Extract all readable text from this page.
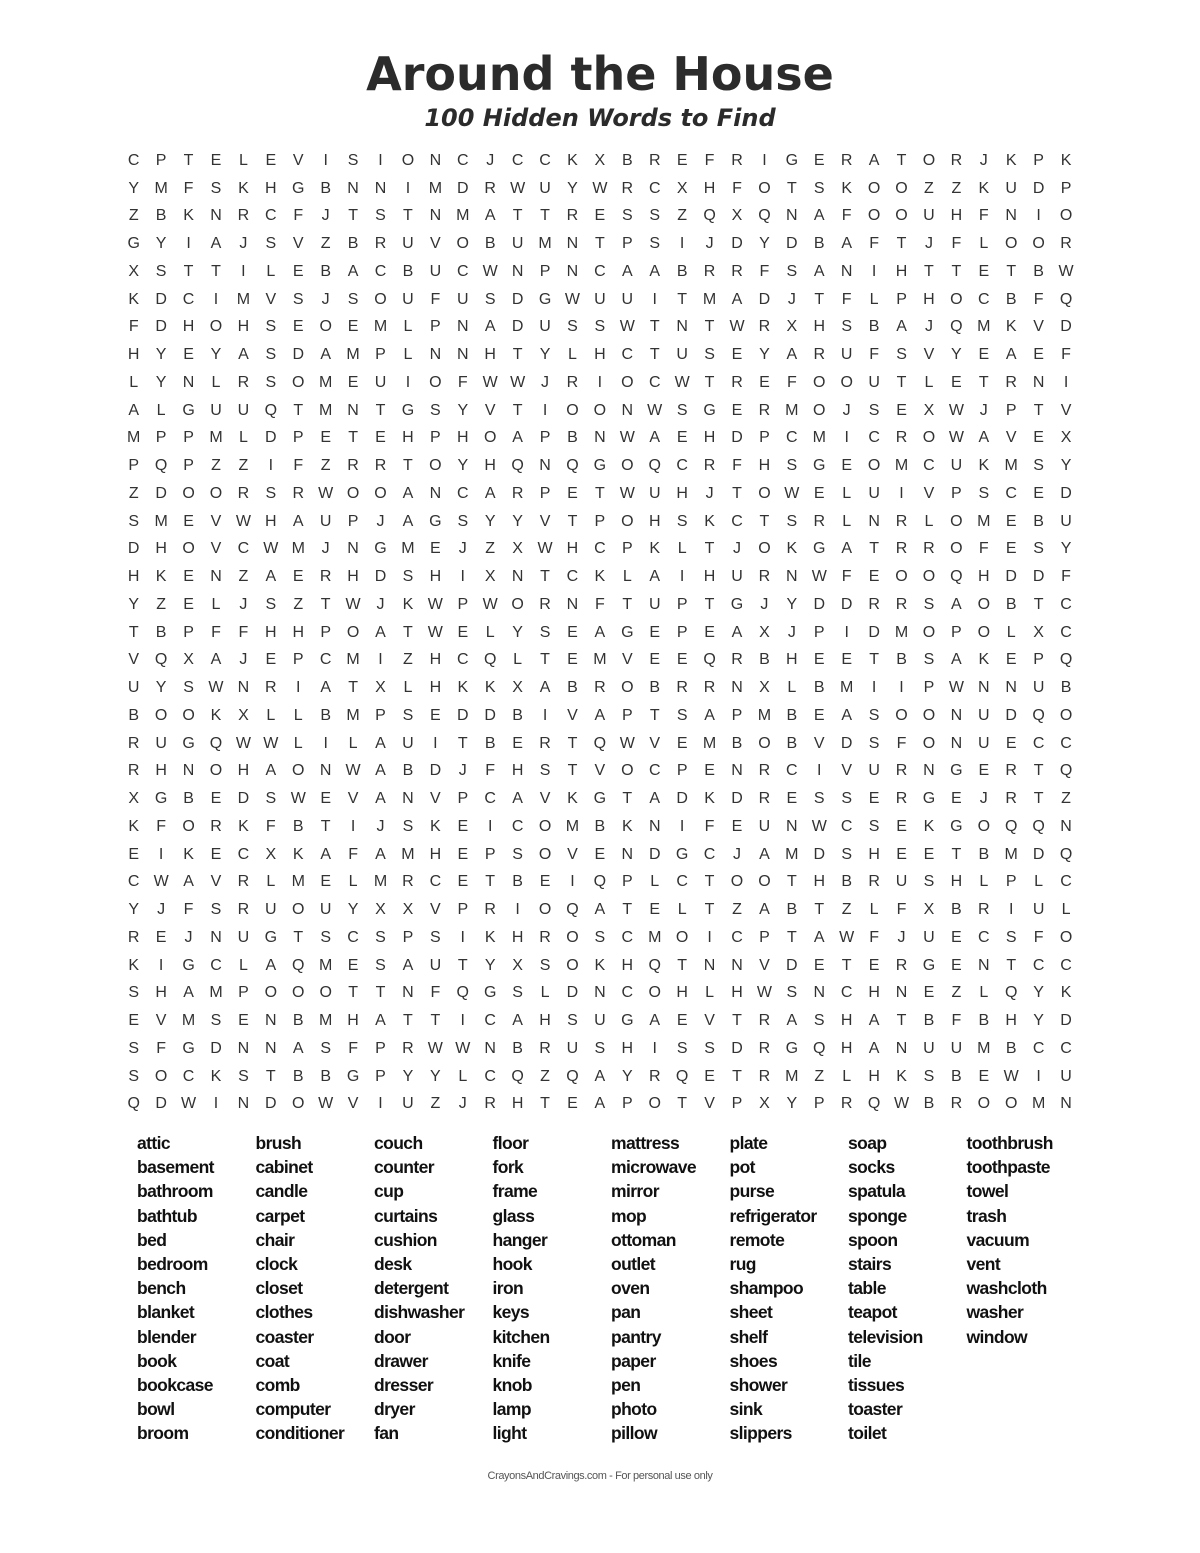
Around the House
100 Hidden Words to Find
C	P	T	E	L	E	V	I	S	I	O N C	J	C C	K	X	B	R	E	F	R	I	G E	R	A	T	O R	J	K	P	K
Y M F	S	K	H G B	N N	I	M D R W U	Y W R C	X	H	F	O	T	S	K O O	Z	Z	K	U D	P
Z	B	K	N R C	F	J	T	S	T	N M A	T	T	R	E	S	S	Z	Q X Q N	A	F	O O U H	F	N	I	O
G Y	I	A	J	S	V	Z	B	R U	V O B	U M N	T	P	S	I	J	D	Y	D	B	A	F	T	J	F	L	O O R
X	S	T	T	I	L	E	B	A	C	B	U C W N	P	N C	A	A	B	R R	F	S	A	N	I	H	T	T	E	T	B W
K	D C	I	M V	S	J	S O U	F	U	S	D G W U U	I	T M A	D	J	T	F	L	P	H O C	B	F	Q
F	D H O H	S	E O E M	L	P	N	A	D U	S	S W T	N	T W R	X	H	S	B	A	J	Q M K	V	D
H	Y	E	Y	A	S	D	A M P	L	N N H	T	Y	L	H C	T	U	S	E	Y	A	R U	F	S	V	Y	E	A	E	F
L	Y	N	L	R	S O M E	U	I	O	F W W J	R	I	O C W T	R	E	F	O O U	T	L	E	T	R N	I
A	L	G U U Q	T M N	T	G S	Y	V	T	I	O O N W S G E	R M O	J	S	E	X W J	P	T	V
M P	P M	L	D	P	E	T	E	H	P	H O A	P	B	N W A	E	H D	P	C M	I	C R O W A	V	E	X
P Q P	Z	Z	I	F	Z	R R	T	O Y	H Q N Q G O Q C R	F	H	S G E O M C U	K M S	Y
Z	D O O R	S	R W O O A	N C	A	R	P	E	T W U H	J	T	O W E	L	U	I	V	P	S	C	E	D
S M E	V W H	A	U	P	J	A G S	Y	Y	V	T	P O H	S	K	C	T	S	R	L	N R	L	O M E	B	U
D H O V	C W M	J	N G M E	J	Z	X W H C	P	K	L	T	J	O K G A	T	R R O	F	E	S	Y
H	K	E	N	Z	A	E	R H D	S	H	I	X	N	T	C	K	L	A	I	H U R N W F	E O O Q H D D	F
Y	Z	E	L	J	S	Z	T W J	K W P W O R N	F	T	U	P	T	G	J	Y	D D R R	S	A O B	T	C
T	B	P	F	F	H H	P O A	T W E	L	Y	S	E	A G E	P	E	A	X	J	P	I	D M O P O	L	X	C
V Q X	A	J	E	P	C M	I	Z	H C Q	L	T	E M V	E	E Q R	B	H	E	E	T	B	S	A	K	E	P Q
U	Y	S W N R	I	A	T	X	L	H	K	K	X	A	B	R O B	R R N	X	L	B M	I	I	P W N N U	B
B O O K	X	L	L	B M P	S	E	D D	B	I	V	A	P	T	S	A	P M B	E	A	S O O N U D Q O
R U G Q W W L	I	L	A	U	I	T	B	E	R	T	Q W V	E M B O B	V	D	S	F	O N U	E	C C
R H N O H	A O N W A	B	D	J	F	H	S	T	V O C	P	E	N R C	I	V	U R N G E	R	T	Q
X G B	E	D	S W E	V	A	N	V	P	C	A	V	K G	T	A	D	K	D R	E	S	S	E	R G E	J	R	T	Z
K	F	O R	K	F	B	T	I	J	S	K	E	I	C O M B	K	N	I	F	E	U N W C	S	E	K G O Q Q N
E	I	K	E	C	X	K	A	F	A M H	E	P	S O V	E	N D G C	J	A M D	S	H	E	E	T	B M D Q
C W A	V	R	L	M E	L	M R C	E	T	B	E	I	Q P	L	C	T	O O	T	H	B	R U	S	H	L	P	L	C
Y	J	F	S	R U O U	Y	X	X	V	P	R	I	O Q A	T	E	L	T	Z	A	B	T	Z	L	F	X	B	R	I	U	L
R	E	J	N U G	T	S	C	S	P	S	I	K	H R O S	C M O	I	C	P	T	A W F	J	U	E	C	S	F	O
K	I	G C	L	A Q M E	S	A	U	T	Y	X	S O K	H Q	T	N N	V	D	E	T	E	R G E	N	T	C C
S	H	A M P O O O	T	T	N	F	Q G S	L	D N C O H	L	H W S	N C H N	E	Z	L	Q Y	K
E	V M S	E	N	B M H	A	T	T	I	C	A	H	S	U G A	E	V	T	R	A	S	H	A	T	B	F	B	H	Y	D
S	F	G D N N	A	S	F	P	R W W N	B	R U	S	H	I	S	S	D R G Q H	A	N U U M B	C C
S O C	K	S	T	B	B G P	Y	Y	L	C Q	Z	Q A	Y	R Q E	T	R M Z	L	H	K	S	B	E W	I	U
Q D W	I	N D O W V	I	U	Z	J	R H	T	E	A	P O	T	V	P	X	Y	P	R Q W B	R O O M N
attic
basement
bathroom
bathtub
bed
bedroom
bench
blanket
blender
book
bookcase
bowl
broom
brush
cabinet
candle
carpet
chair
clock
closet
clothes
coaster
coat
comb
computer
conditioner
couch
counter
cup
curtains
cushion
desk
detergent
dishwasher
door
drawer
dresser
dryer
fan
floor
fork
frame
glass
hanger
hook
iron
keys
kitchen
knife
knob
lamp
light
mattress
microwave
mirror
mop
ottoman
outlet
oven
pan
pantry
paper
pen
photo
pillow
plate
pot
purse
refrigerator
remote
rug
shampoo
sheet
shelf
shoes
shower
sink
slippers
soap
socks
spatula
sponge
spoon
stairs
table
teapot
television
tile
tissues
toaster
toilet
toothbrush
toothpaste
towel
trash
vacuum
vent
washcloth
washer
window
CrayonsAndCravings.com - For personal use only
